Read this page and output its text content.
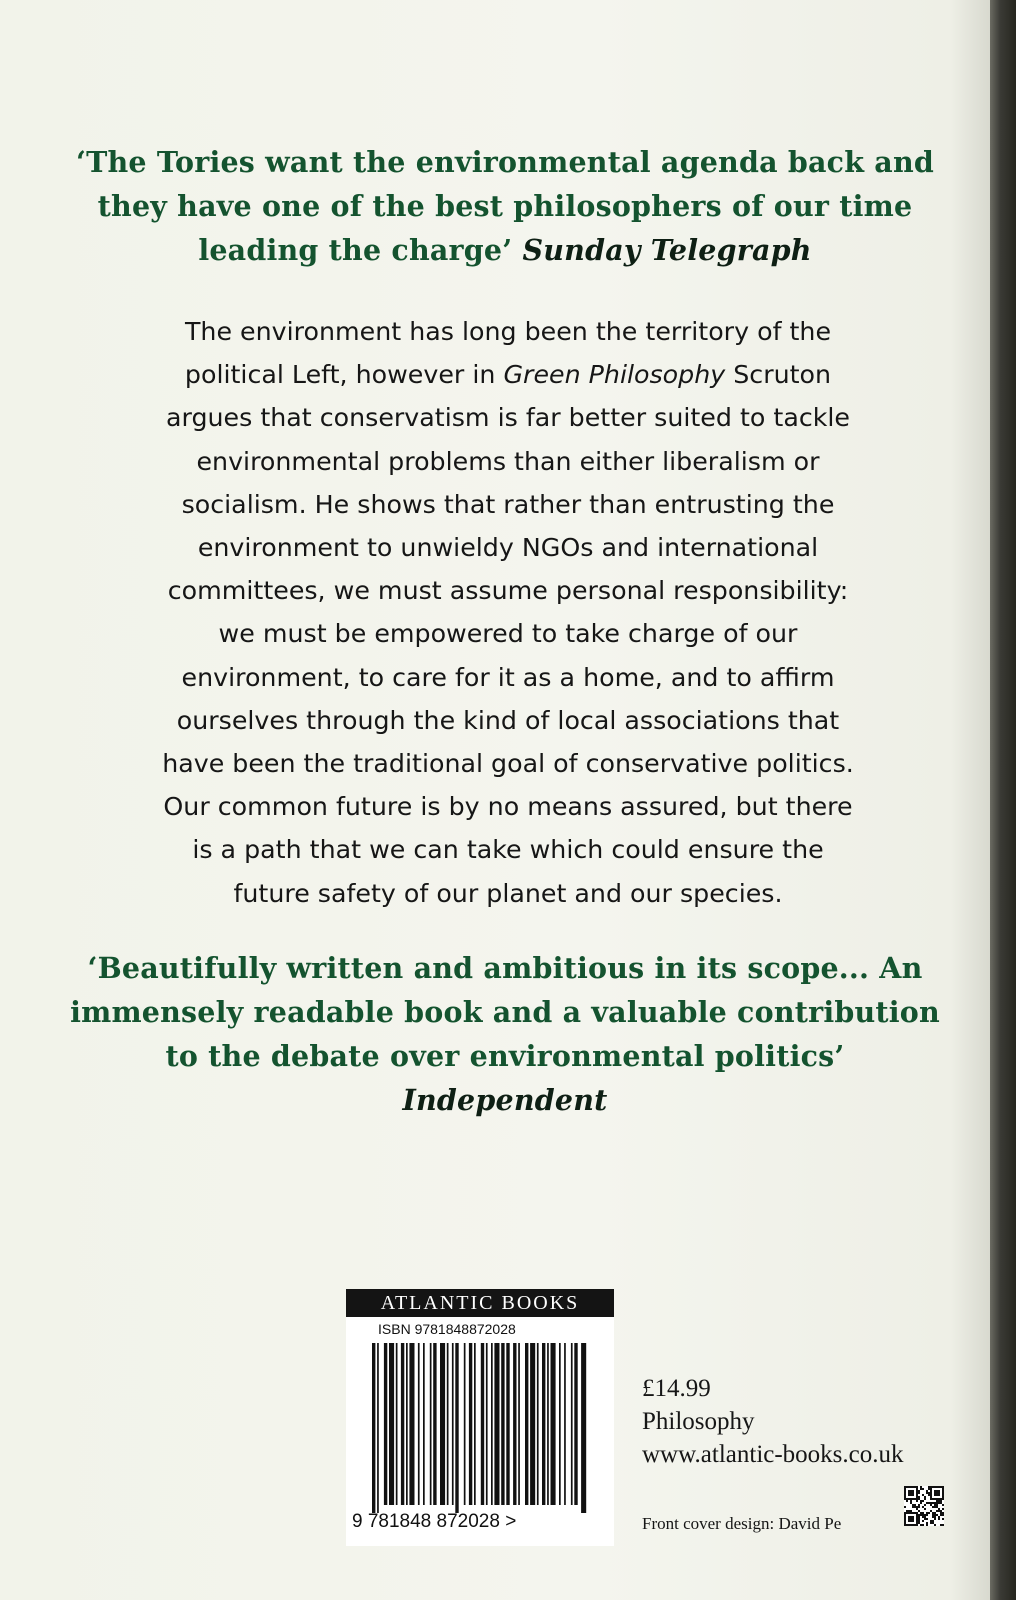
‘The Tories want the environmental agenda back and they have one of the best philosophers of our time leading the charge’ Sunday Telegraph
The environment has long been the territory of the
political Left, however in Green Philosophy Scruton
argues that conservatism is far better suited to tackle
environmental problems than either liberalism or
socialism. He shows that rather than entrusting the
environment to unwieldy NGOs and international
committees, we must assume personal responsibility:
we must be empowered to take charge of our
environment, to care for it as a home, and to affirm
ourselves through the kind of local associations that
have been the traditional goal of conservative politics.
Our common future is by no means assured, but there
is a path that we can take which could ensure the
future safety of our planet and our species.
‘Beautifully written and ambitious in its scope... An immensely readable book and a valuable contribution to the debate over environmental politics’ Independent
ATLANTIC BOOKS
ISBN 9781848872028
9 781848 872028 >
£14.99
Philosophy
www.atlantic-books.co.uk
Front cover design: David Pe
